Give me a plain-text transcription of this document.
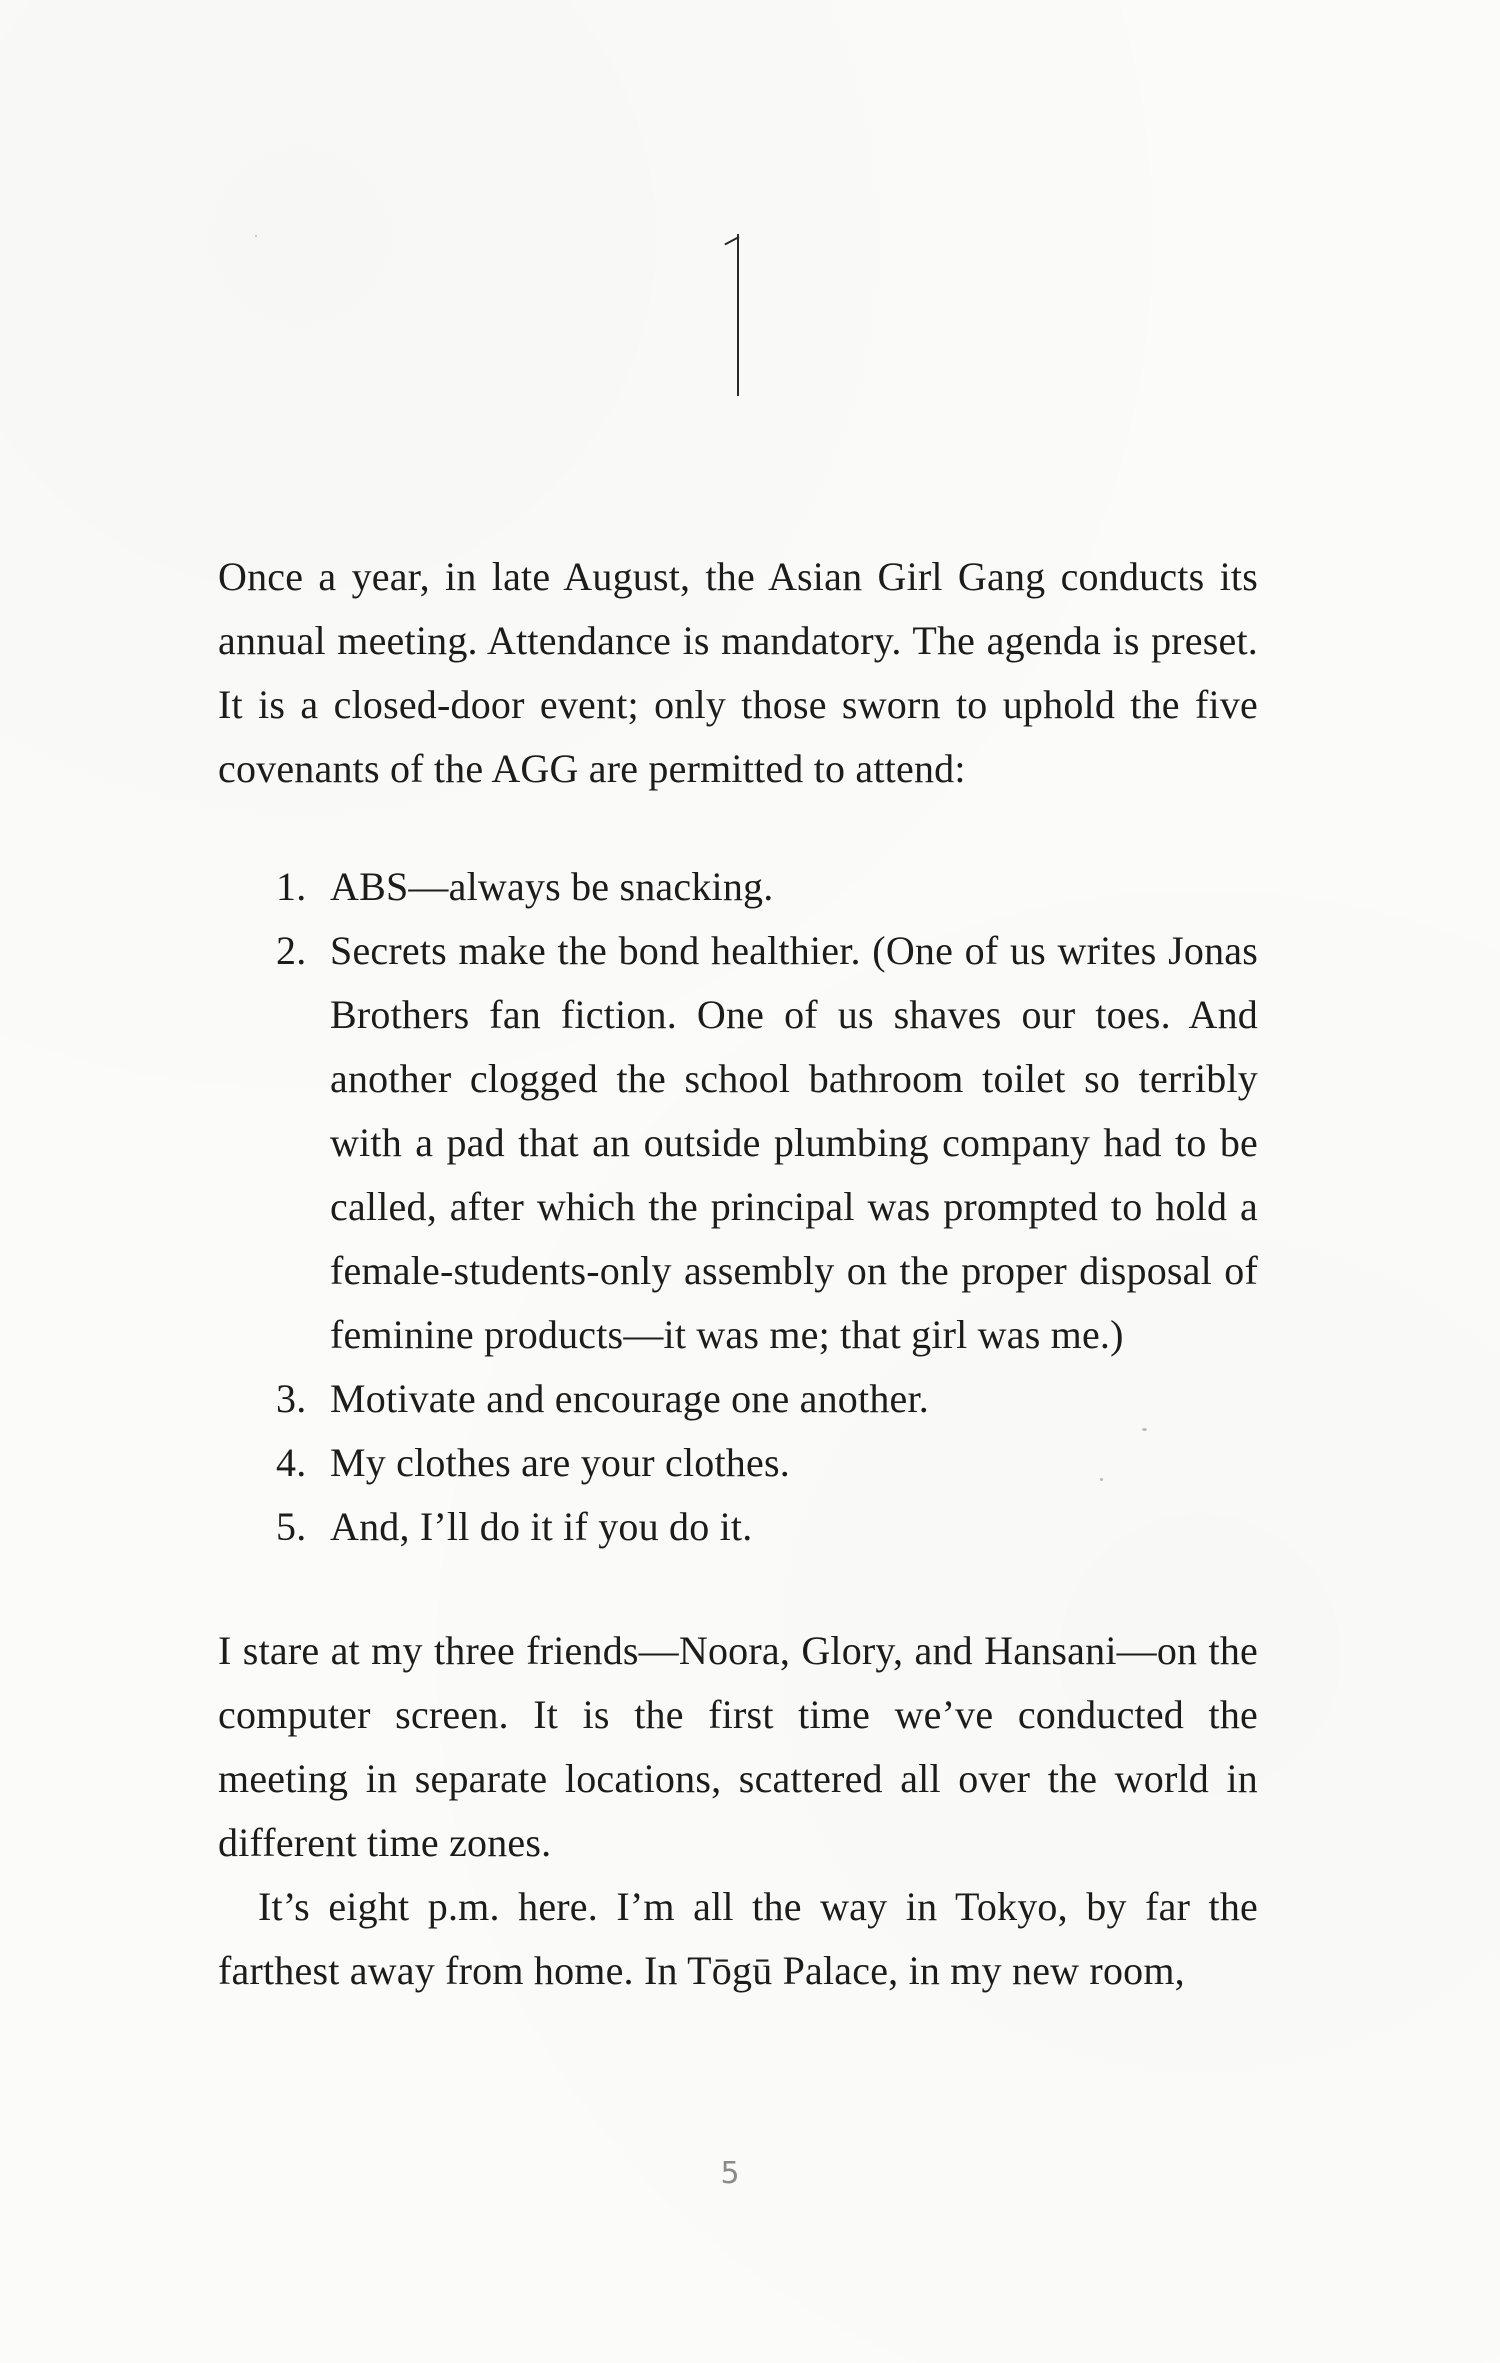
Once a year, in late August, the Asian Girl Gang conducts its annual meeting. Attendance is mandatory. The agenda is preset. It is a closed-door event; only those sworn to uphold the five covenants of the AGG are permitted to attend:

1. ABS—always be snacking.
2. Secrets make the bond healthier. (One of us writes Jonas Brothers fan fiction. One of us shaves our toes. And another clogged the school bathroom toilet so terribly with a pad that an outside plumbing company had to be called, after which the principal was prompted to hold a female-students-only assembly on the proper disposal of feminine products—it was me; that girl was me.)
3. Motivate and encourage one another.
4. My clothes are your clothes.
5. And, I’ll do it if you do it.

I stare at my three friends—Noora, Glory, and Hansani—on the computer screen. It is the first time we’ve conducted the meeting in separate locations, scattered all over the world in different time zones.

It’s eight p.m. here. I’m all the way in Tokyo, by far the farthest away from home. In Tōgū Palace, in my new room,

5
